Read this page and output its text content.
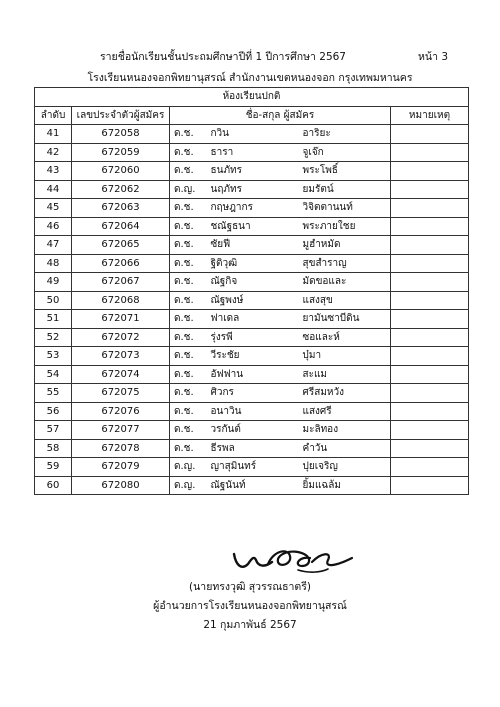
รายชื่อนักเรียนชั้นประถมศึกษาปีที่ 1 ปีการศึกษา 2567	หน้า 3
โรงเรียนหนองจอกพิทยานุสรณ์ สำนักงานเขตหนองจอก กรุงเทพมหานคร
ห้องเรียนปกติ					
ลำดับ	เลขประจำตัวผู้สมัคร	ชื่อ-สกุล ผู้สมัคร			หมายเหตุ
41	672058	ด.ช.	กวิน	อาริยะ	
42	672059	ด.ช.	ธารา	จูเจ๊ก	
43	672060	ด.ช.	ธนภัทร	พระโพธิ์	
44	672062	ด.ญ.	นฤภัทร	ยมรัตน์	
45	672063	ด.ช.	กฤษฎากร	วิจิตตานนท์	
46	672064	ด.ช.	ชณัฐธนา	พระภายใชย	
47	672065	ด.ช.	ซัยฟี	มูฮำหมัด	
48	672066	ด.ช.	ฐิติวุฒิ	สุขสำราญ	
49	672067	ด.ช.	ณัฐกิจ	มัดขอและ	
50	672068	ด.ช.	ณัฐพงษ์	แสงสุข	
51	672071	ด.ช.	ฟาเดล	ยามันซาบีดิน	
52	672072	ด.ช.	รุ่งรพี	ซอและห์	
53	672073	ด.ช.	วีระชัย	บุ๋มา	
54	672074	ด.ช.	อัฟฟาน	สะแม	
55	672075	ด.ช.	ศิวกร	ศรีสมหวัง	
56	672076	ด.ช.	อนาวิน	แสงศรี	
57	672077	ด.ช.	วรกันต์	มะลิทอง	
58	672078	ด.ช.	ธีรพล	คำวัน	
59	672079	ด.ญ.	ญาสุมินทร์	ปุยเจริญ	
60	672080	ด.ญ.	ณัฐนันท์	ยิ้มแฉล้ม	
(นายทรงวุฒิ สุวรรณธาตรี)
ผู้อำนวยการโรงเรียนหนองจอกพิทยานุสรณ์
21 กุมภาพันธ์ 2567
